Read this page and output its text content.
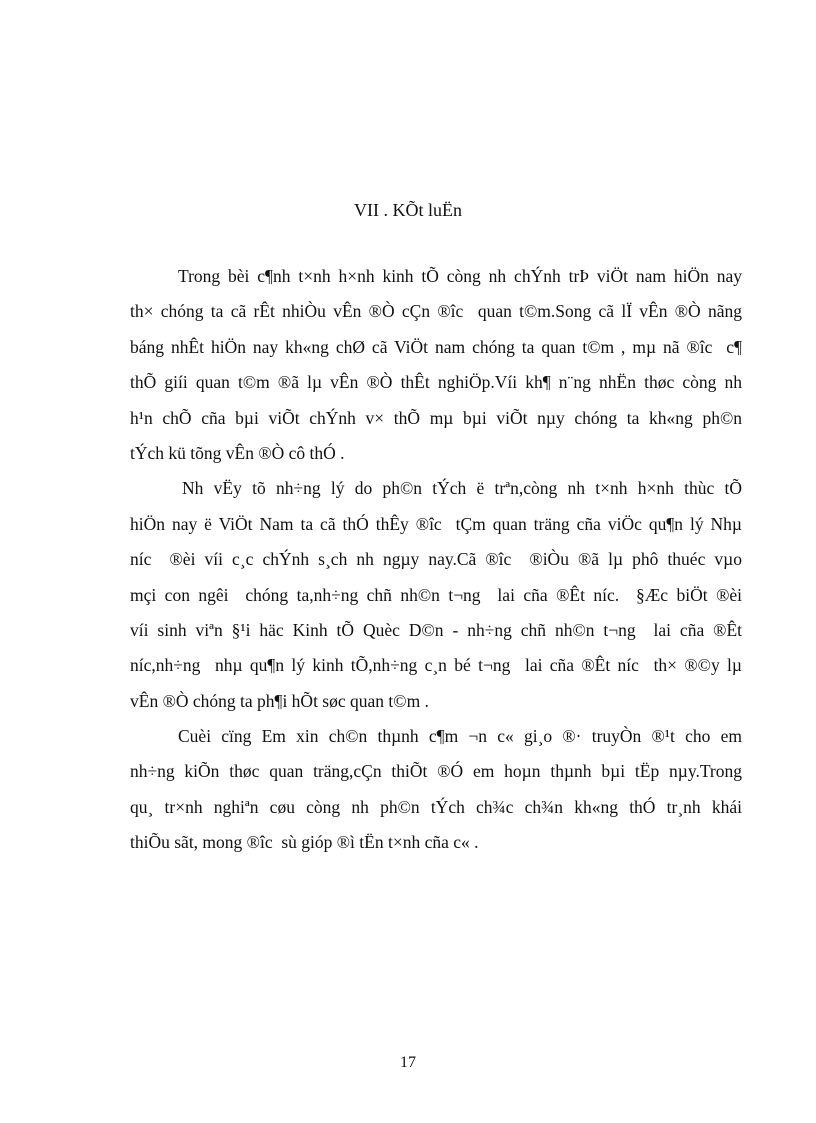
VII . KÕt luËn
Trong bèi c¶nh t×nh h×nh kinh tÕ còng nh chÝnh trÞ viÖt nam hiÖn nay
th× chóng ta cã rÊt nhiÒu vÊn ®Ò cÇn ®îc  quan t©m.Song cã lÏ vÊn ®Ò nãng
báng nhÊt hiÖn nay kh«ng chØ cã ViÖt nam chóng ta quan t©m , mµ nã ®îc  c¶
thÕ giíi quan t©m ®ã lµ vÊn ®Ò thÊt nghiÖp.Víi kh¶ n¨ng nhËn thøc còng nh
h¹n chÕ cña bµi viÕt chÝnh v× thÕ mµ bµi viÕt nµy chóng ta kh«ng ph©n
tÝch kü tõng vÊn ®Ò cô thÓ .
Nh vËy tõ nh÷ng lý do ph©n tÝch ë trªn,còng nh t×nh h×nh thùc tÕ
hiÖn nay ë ViÖt Nam ta cã thÓ thÊy ®îc  tÇm quan träng cña viÖc qu¶n lý Nhµ
níc  ®èi víi c¸c chÝnh s¸ch nh ngµy nay.Cã ®îc  ®iÒu ®ã lµ phô thuéc vµo
mçi con ngêi  chóng ta,nh÷ng chñ nh©n t¬ng  lai cña ®Êt níc.  §Æc biÖt ®èi
víi sinh viªn §¹i häc Kinh tÕ Quèc D©n - nh÷ng chñ nh©n t¬ng  lai cña ®Êt
níc,nh÷ng  nhµ qu¶n lý kinh tÕ,nh÷ng c¸n bé t¬ng  lai cña ®Êt níc  th× ®©y lµ
vÊn ®Ò chóng ta ph¶i hÕt søc quan t©m .
Cuèi cïng Em xin ch©n thµnh c¶m ¬n c« gi¸o ®· truyÒn ®¹t cho em
nh÷ng kiÕn thøc quan träng,cÇn thiÕt ®Ó em hoµn thµnh bµi tËp nµy.Trong
qu¸ tr×nh nghiªn cøu còng nh ph©n tÝch ch¾c ch¾n kh«ng thÓ tr¸nh khái
thiÕu sãt, mong ®îc  sù gióp ®ì tËn t×nh cña c« .
17
